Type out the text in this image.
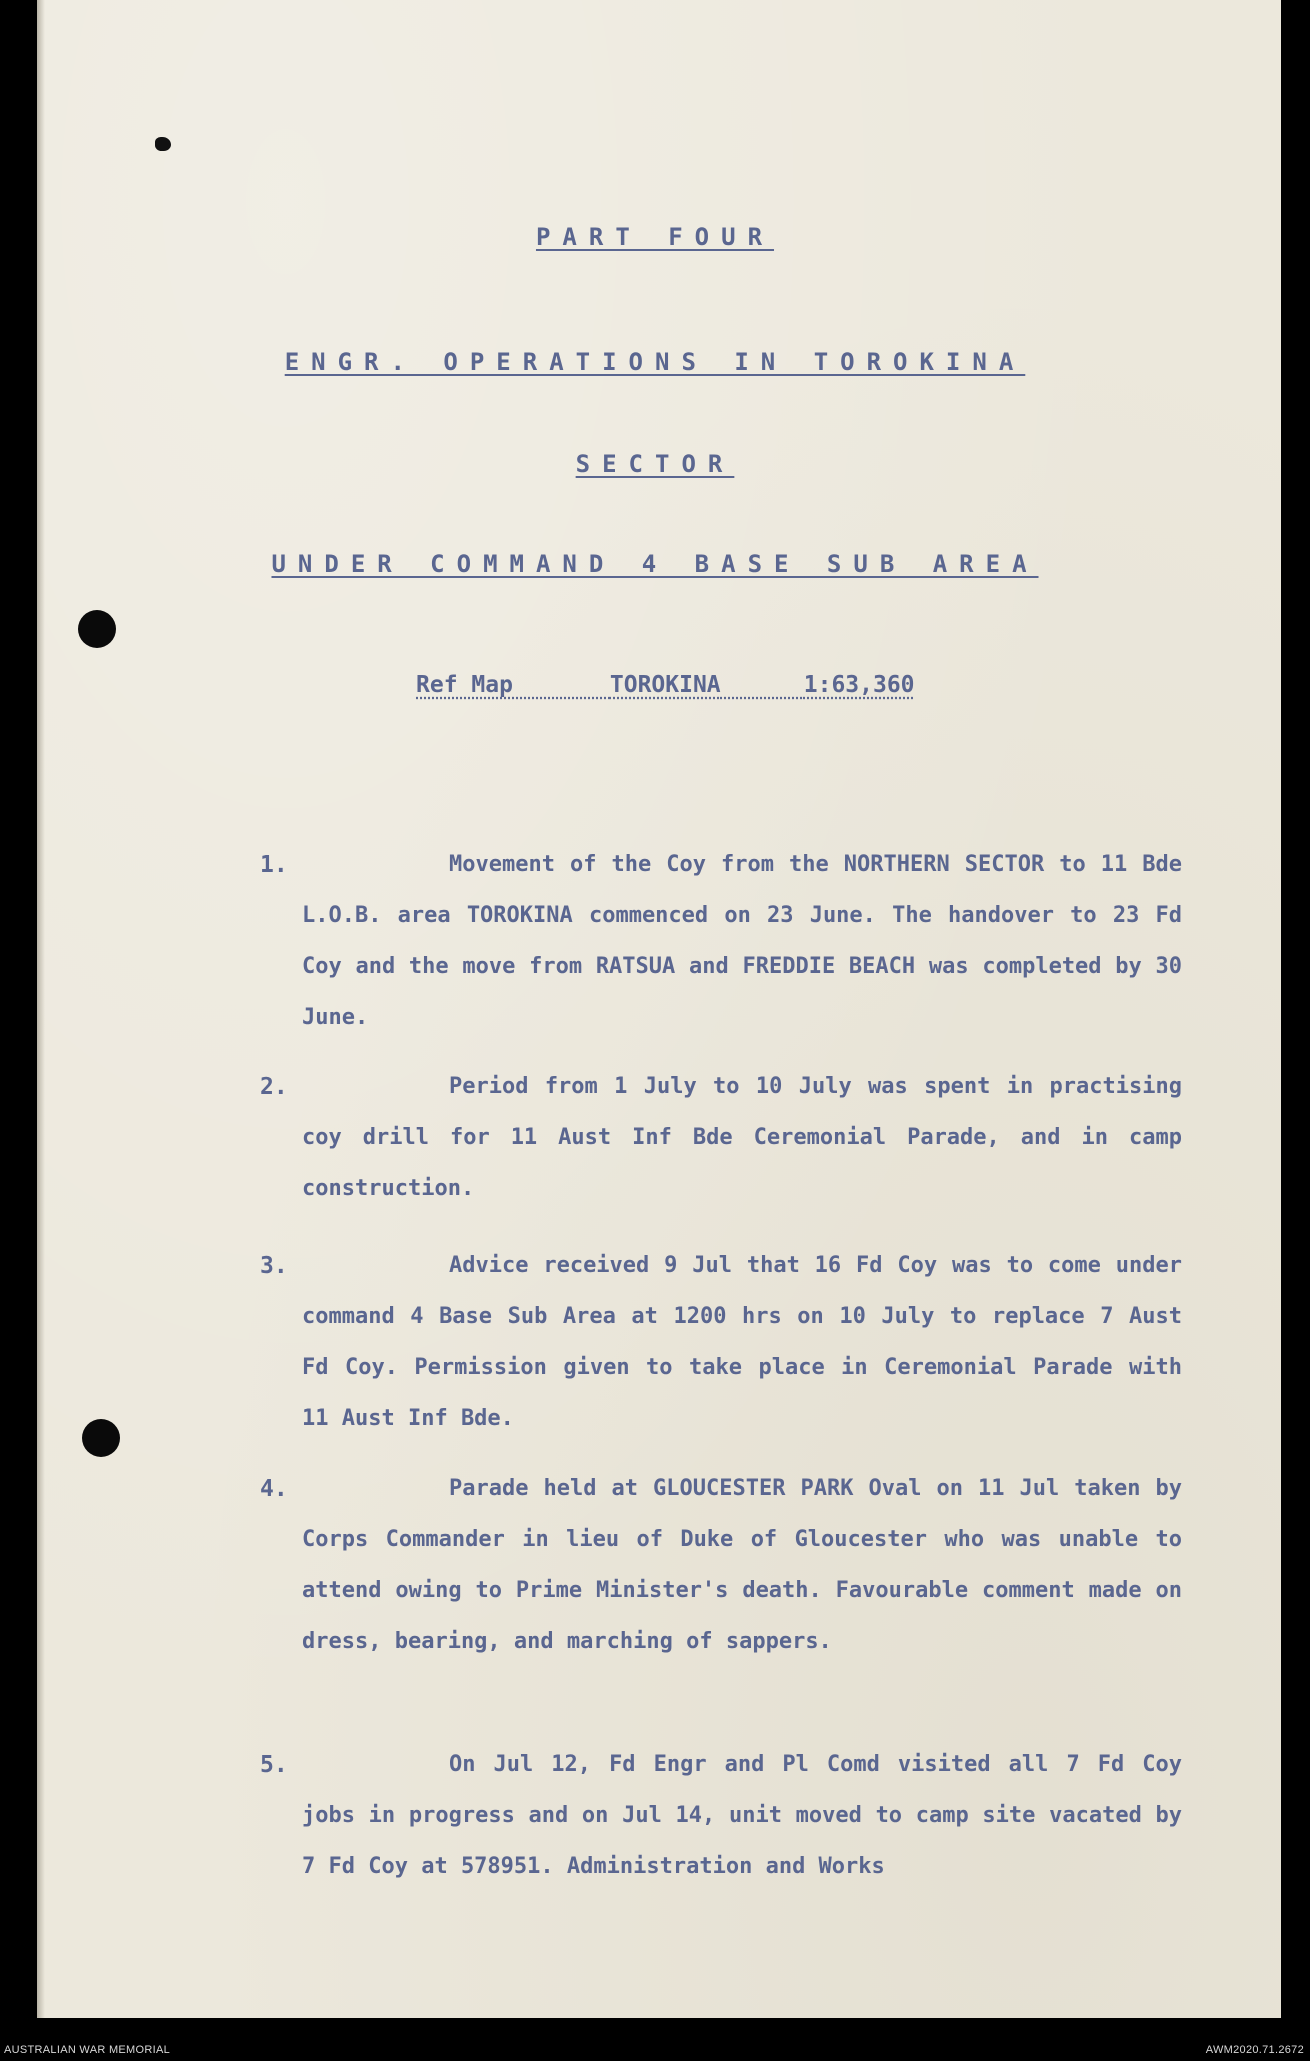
PART FOUR
ENGR. OPERATIONS IN TOROKINA
SECTOR
UNDER COMMAND 4 BASE SUB AREA
Ref Map	TOROKINA	1:63,360
1.	Movement of the Coy from the NORTHERN SECTOR to 11 Bde L.O.B. area TOROKINA commenced on 23 June. The handover to 23 Fd Coy and the move from RATSUA and FREDDIE BEACH was completed by 30 June.
2.	Period from 1 July to 10 July was spent in practising coy drill for 11 Aust Inf Bde Ceremonial Parade, and in camp construction.
3.	Advice received 9 Jul that 16 Fd Coy was to come under command 4 Base Sub Area at 1200 hrs on 10 July to replace 7 Aust Fd Coy. Permission given to take place in Ceremonial Parade with 11 Aust Inf Bde.
4.	Parade held at GLOUCESTER PARK Oval on 11 Jul taken by Corps Commander in lieu of Duke of Gloucester who was unable to attend owing to Prime Minister's death. Favourable comment made on dress, bearing, and marching of sappers.
5.	On Jul 12, Fd Engr and Pl Comd visited all 7 Fd Coy jobs in progress and on Jul 14, unit moved to camp site vacated by 7 Fd Coy at 578951. Administration and Works
AUSTRALIAN WAR MEMORIAL	AWM2020.71.2672
